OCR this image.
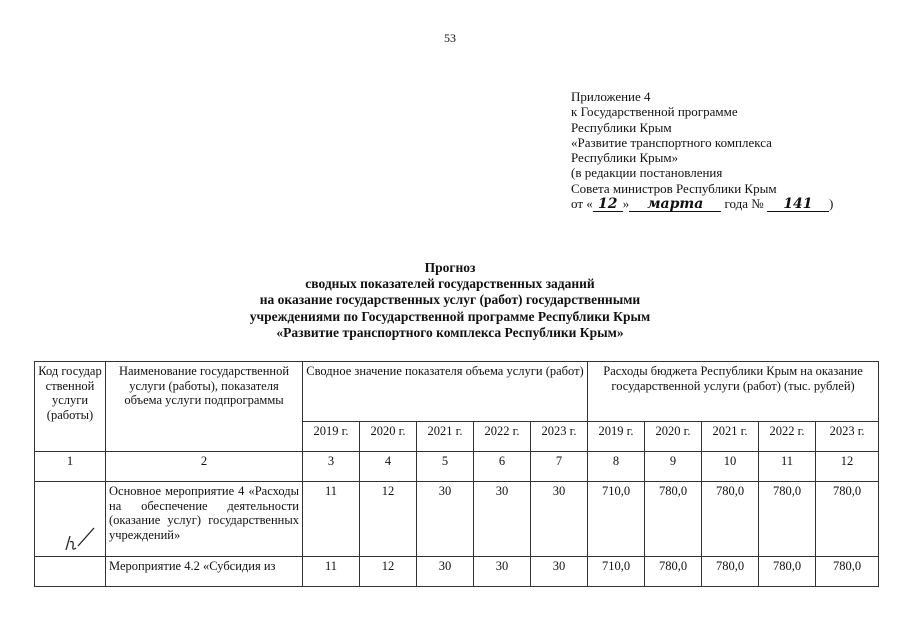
53
Приложение 4
к Государственной программе
Республики Крым
«Развитие транспортного комплекса
Республики Крым»
(в редакции постановления
Совета министров Республики Крым
от « 12 » марта года № 141 )
Прогноз
сводных показателей государственных заданий
на оказание государственных услуг (работ) государственными
учреждениями по Государственной программе Республики Крым
«Развитие транспортного комплекса Республики Крым»
Код государ ственной услуги (работы)	Наименование государственной услуги (работы), показателя объема услуги подпрограммы	Сводное значение показателя объема услуги (работ)					Расходы бюджета Республики Крым на оказание государственной услуги (работ) (тыс. рублей)				
		2019 г.	2020 г.	2021 г.	2022 г.	2023 г.	2019 г.	2020 г.	2021 г.	2022 г.	2023 г.
1	2	3	4	5	6	7	8	9	10	11	12
	Основное мероприятие 4 «Расходы на обеспечение деятельности (оказание услуг) государственных учреждений»	11	12	30	30	30	710,0	780,0	780,0	780,0	780,0
	Мероприятие 4.2 «Субсидия из	11	12	30	30	30	710,0	780,0	780,0	780,0	780,0
